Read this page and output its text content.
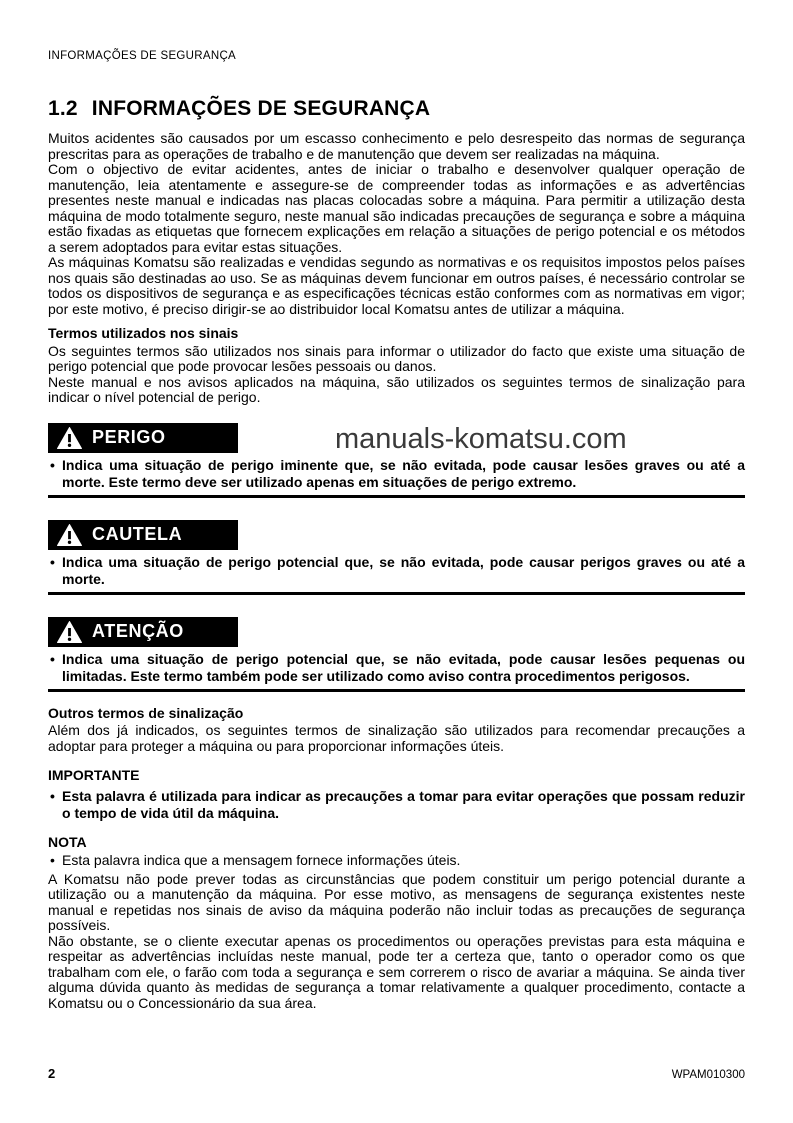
manuals-komatsu.com
INFORMAÇÕES DE SEGURANÇA
1.2 INFORMAÇÕES DE SEGURANÇA

Muitos acidentes são causados por um escasso conhecimento e pelo desrespeito das normas de segurança prescritas para as operações de trabalho e de manutenção que devem ser realizadas na máquina.

Com o objectivo de evitar acidentes, antes de iniciar o trabalho e desenvolver qualquer operação de manutenção, leia atentamente e assegure-se de compreender todas as informações e as advertências presentes neste manual e indicadas nas placas colocadas sobre a máquina. Para permitir a utilização desta máquina de modo totalmente seguro, neste manual são indicadas precauções de segurança e sobre a máquina estão fixadas as etiquetas que fornecem explicações em relação a situações de perigo potencial e os métodos a serem adoptados para evitar estas situações.

As máquinas Komatsu são realizadas e vendidas segundo as normativas e os requisitos impostos pelos países nos quais são destinadas ao uso. Se as máquinas devem funcionar em outros países, é necessário controlar se todos os dispositivos de segurança e as especificações técnicas estão conformes com as normativas em vigor; por este motivo, é preciso dirigir-se ao distribuidor local Komatsu antes de utilizar a máquina.

Termos utilizados nos sinais

Os seguintes termos são utilizados nos sinais para informar o utilizador do facto que existe uma situação de perigo potencial que pode provocar lesões pessoais ou danos.

Neste manual e nos avisos aplicados na máquina, são utilizados os seguintes termos de sinalização para indicar o nível potencial de perigo.

PERIGO
• Indica uma situação de perigo iminente que, se não evitada, pode causar lesões graves ou até a morte. Este termo deve ser utilizado apenas em situações de perigo extremo.
CAUTELA
• Indica uma situação de perigo potencial que, se não evitada, pode causar perigos graves ou até a morte.
ATENÇÃO
• Indica uma situação de perigo potencial que, se não evitada, pode causar lesões pequenas ou limitadas. Este termo também pode ser utilizado como aviso contra procedimentos perigosos.
Outros termos de sinalização

Além dos já indicados, os seguintes termos de sinalização são utilizados para recomendar precauções a adoptar para proteger a máquina ou para proporcionar informações úteis.

IMPORTANTE
• Esta palavra é utilizada para indicar as precauções a tomar para evitar operações que possam reduzir o tempo de vida útil da máquina.
NOTA
• Esta palavra indica que a mensagem fornece informações úteis.

A Komatsu não pode prever todas as circunstâncias que podem constituir um perigo potencial durante a utilização ou a manutenção da máquina. Por esse motivo, as mensagens de segurança existentes neste manual e repetidas nos sinais de aviso da máquina poderão não incluir todas as precauções de segurança possíveis.

Não obstante, se o cliente executar apenas os procedimentos ou operações previstas para esta máquina e respeitar as advertências incluídas neste manual, pode ter a certeza que, tanto o operador como os que trabalham com ele, o farão com toda a segurança e sem correrem o risco de avariar a máquina. Se ainda tiver alguma dúvida quanto às medidas de segurança a tomar relativamente a qualquer procedimento, contacte a Komatsu ou o Concessionário da sua área.

2	WPAM010300
